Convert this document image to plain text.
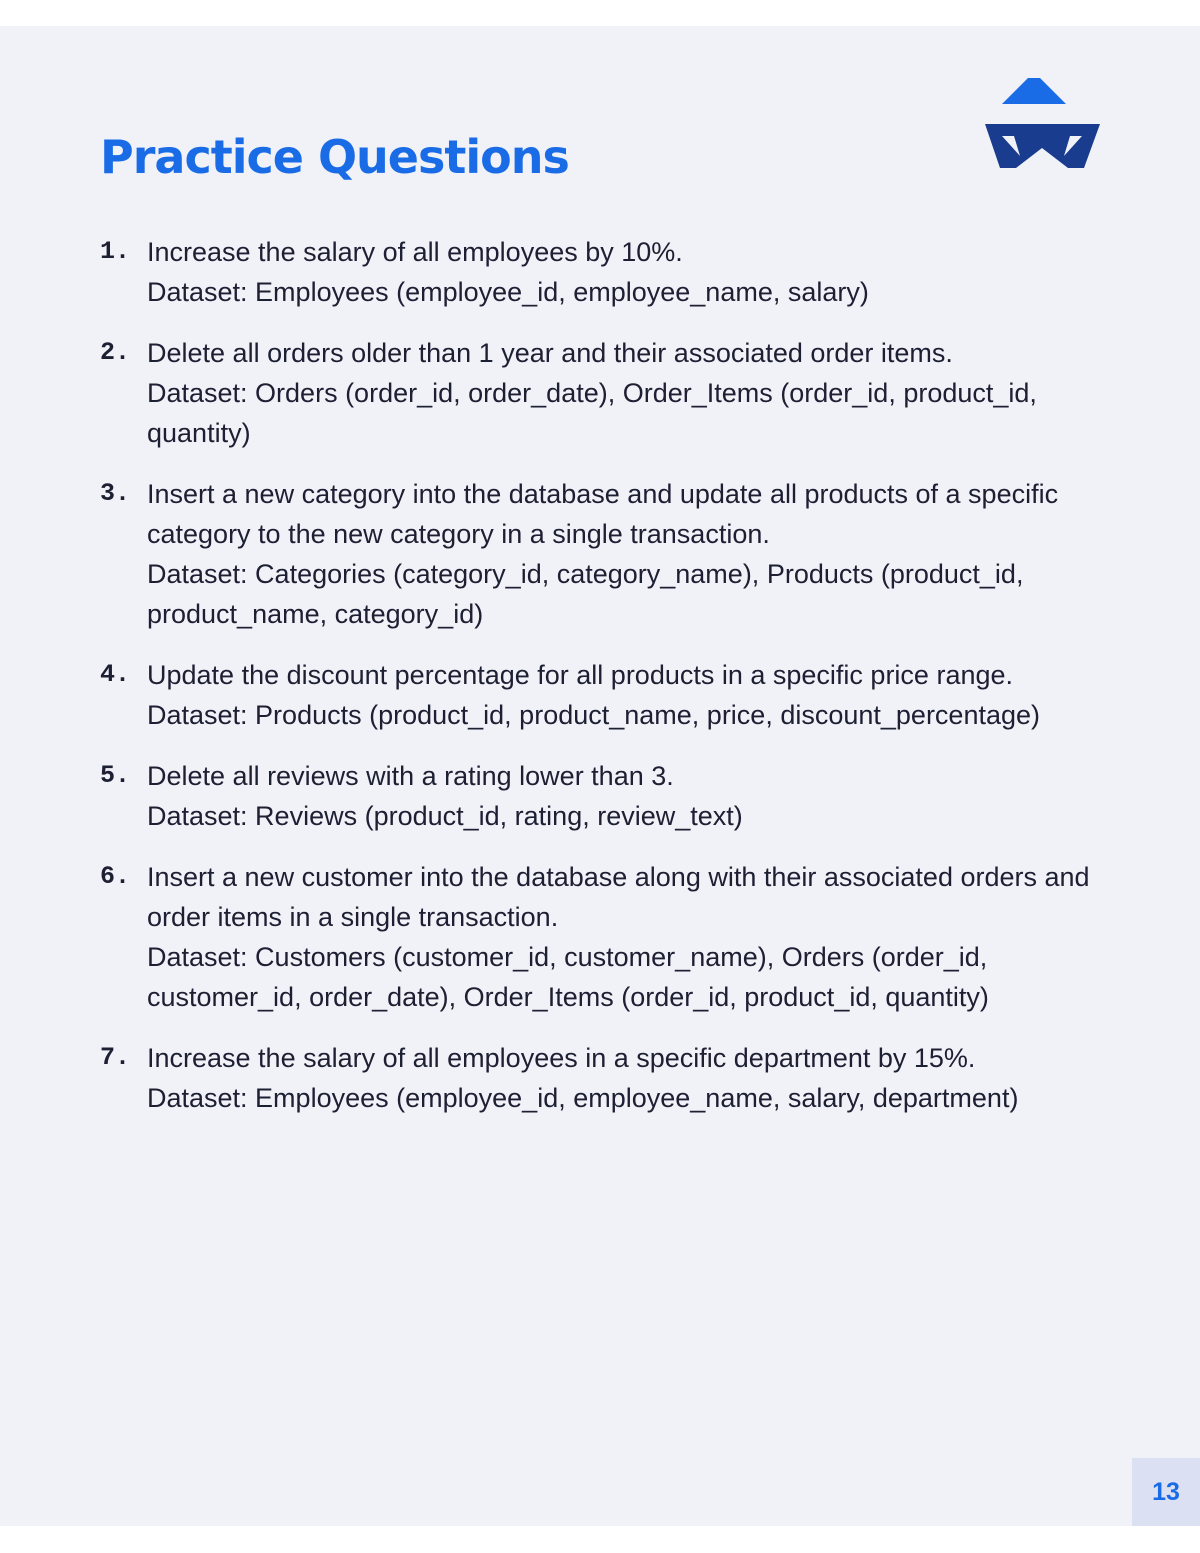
Practice Questions
1. Increase the salary of all employees by 10%.
Dataset: Employees (employee_id, employee_name, salary)
2. Delete all orders older than 1 year and their associated order items.
Dataset: Orders (order_id, order_date), Order_Items (order_id, product_id, quantity)
3. Insert a new category into the database and update all products of a specific category to the new category in a single transaction.
Dataset: Categories (category_id, category_name), Products (product_id, product_name, category_id)
4. Update the discount percentage for all products in a specific price range.
Dataset: Products (product_id, product_name, price, discount_percentage)
5. Delete all reviews with a rating lower than 3.
Dataset: Reviews (product_id, rating, review_text)
6. Insert a new customer into the database along with their associated orders and order items in a single transaction.
Dataset: Customers (customer_id, customer_name), Orders (order_id, customer_id, order_date), Order_Items (order_id, product_id, quantity)
7. Increase the salary of all employees in a specific department by 15%.
Dataset: Employees (employee_id, employee_name, salary, department)
13
